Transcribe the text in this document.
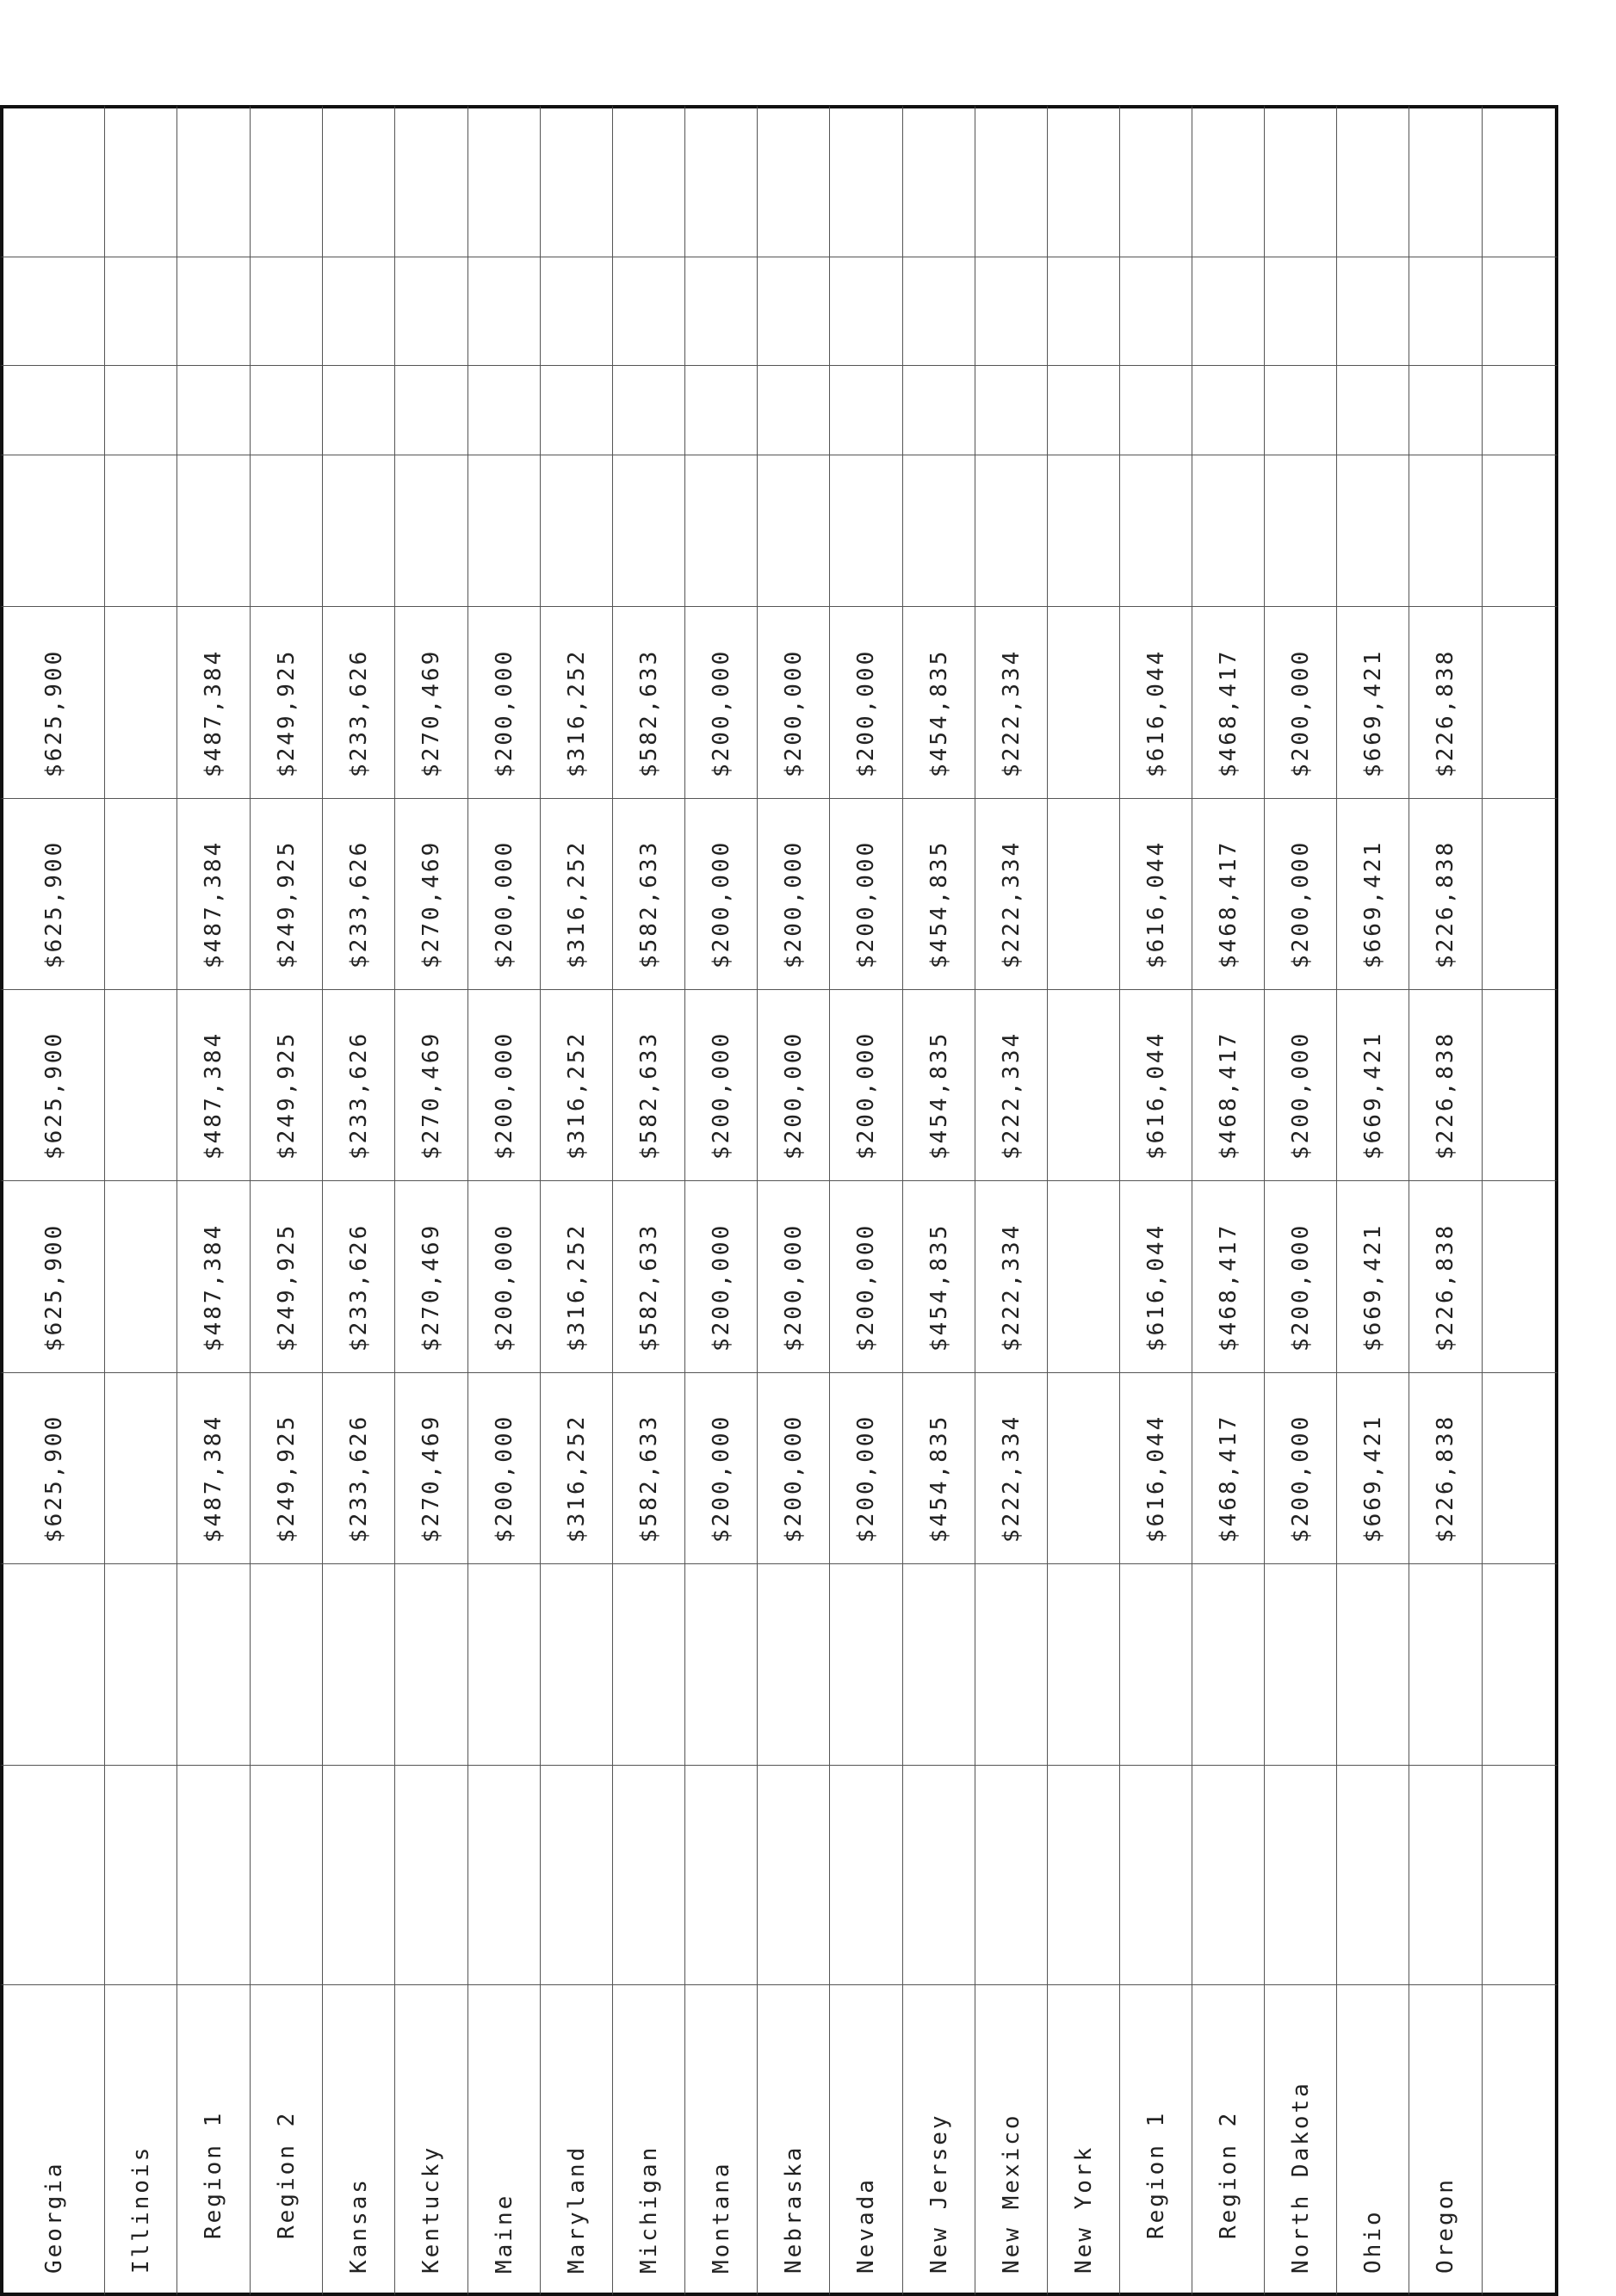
Georgia
$625,900
$625,900
$625,900
$625,900
$625,900
Illinois	Region 1
$487,384
$487,384
$487,384
$487,384
$487,384
Region 2
$249,925
$249,925
$249,925
$249,925
$249,925
Kansas
$233,626
$233,626
$233,626
$233,626
$233,626
Kentucky
$270,469
$270,469
$270,469
$270,469
$270,469
Maine
$200,000
$200,000
$200,000
$200,000
$200,000
Maryland
$316,252
$316,252
$316,252
$316,252
$316,252
Michigan
$582,633
$582,633
$582,633
$582,633
$582,633
Montana
$200,000
$200,000
$200,000
$200,000
$200,000
Nebraska
$200,000
$200,000
$200,000
$200,000
$200,000
Nevada
$200,000
$200,000
$200,000
$200,000
$200,000
New Jersey
$454,835
$454,835
$454,835
$454,835
$454,835
New Mexico
$222,334
$222,334
$222,334
$222,334
$222,334
New York	Region 1
$616,044
$616,044
$616,044
$616,044
$616,044
Region 2
$468,417
$468,417
$468,417
$468,417
$468,417
North Dakota
$200,000
$200,000
$200,000
$200,000
$200,000
Ohio
$669,421
$669,421
$669,421
$669,421
$669,421
Oregon
$226,838
$226,838
$226,838
$226,838
$226,838
